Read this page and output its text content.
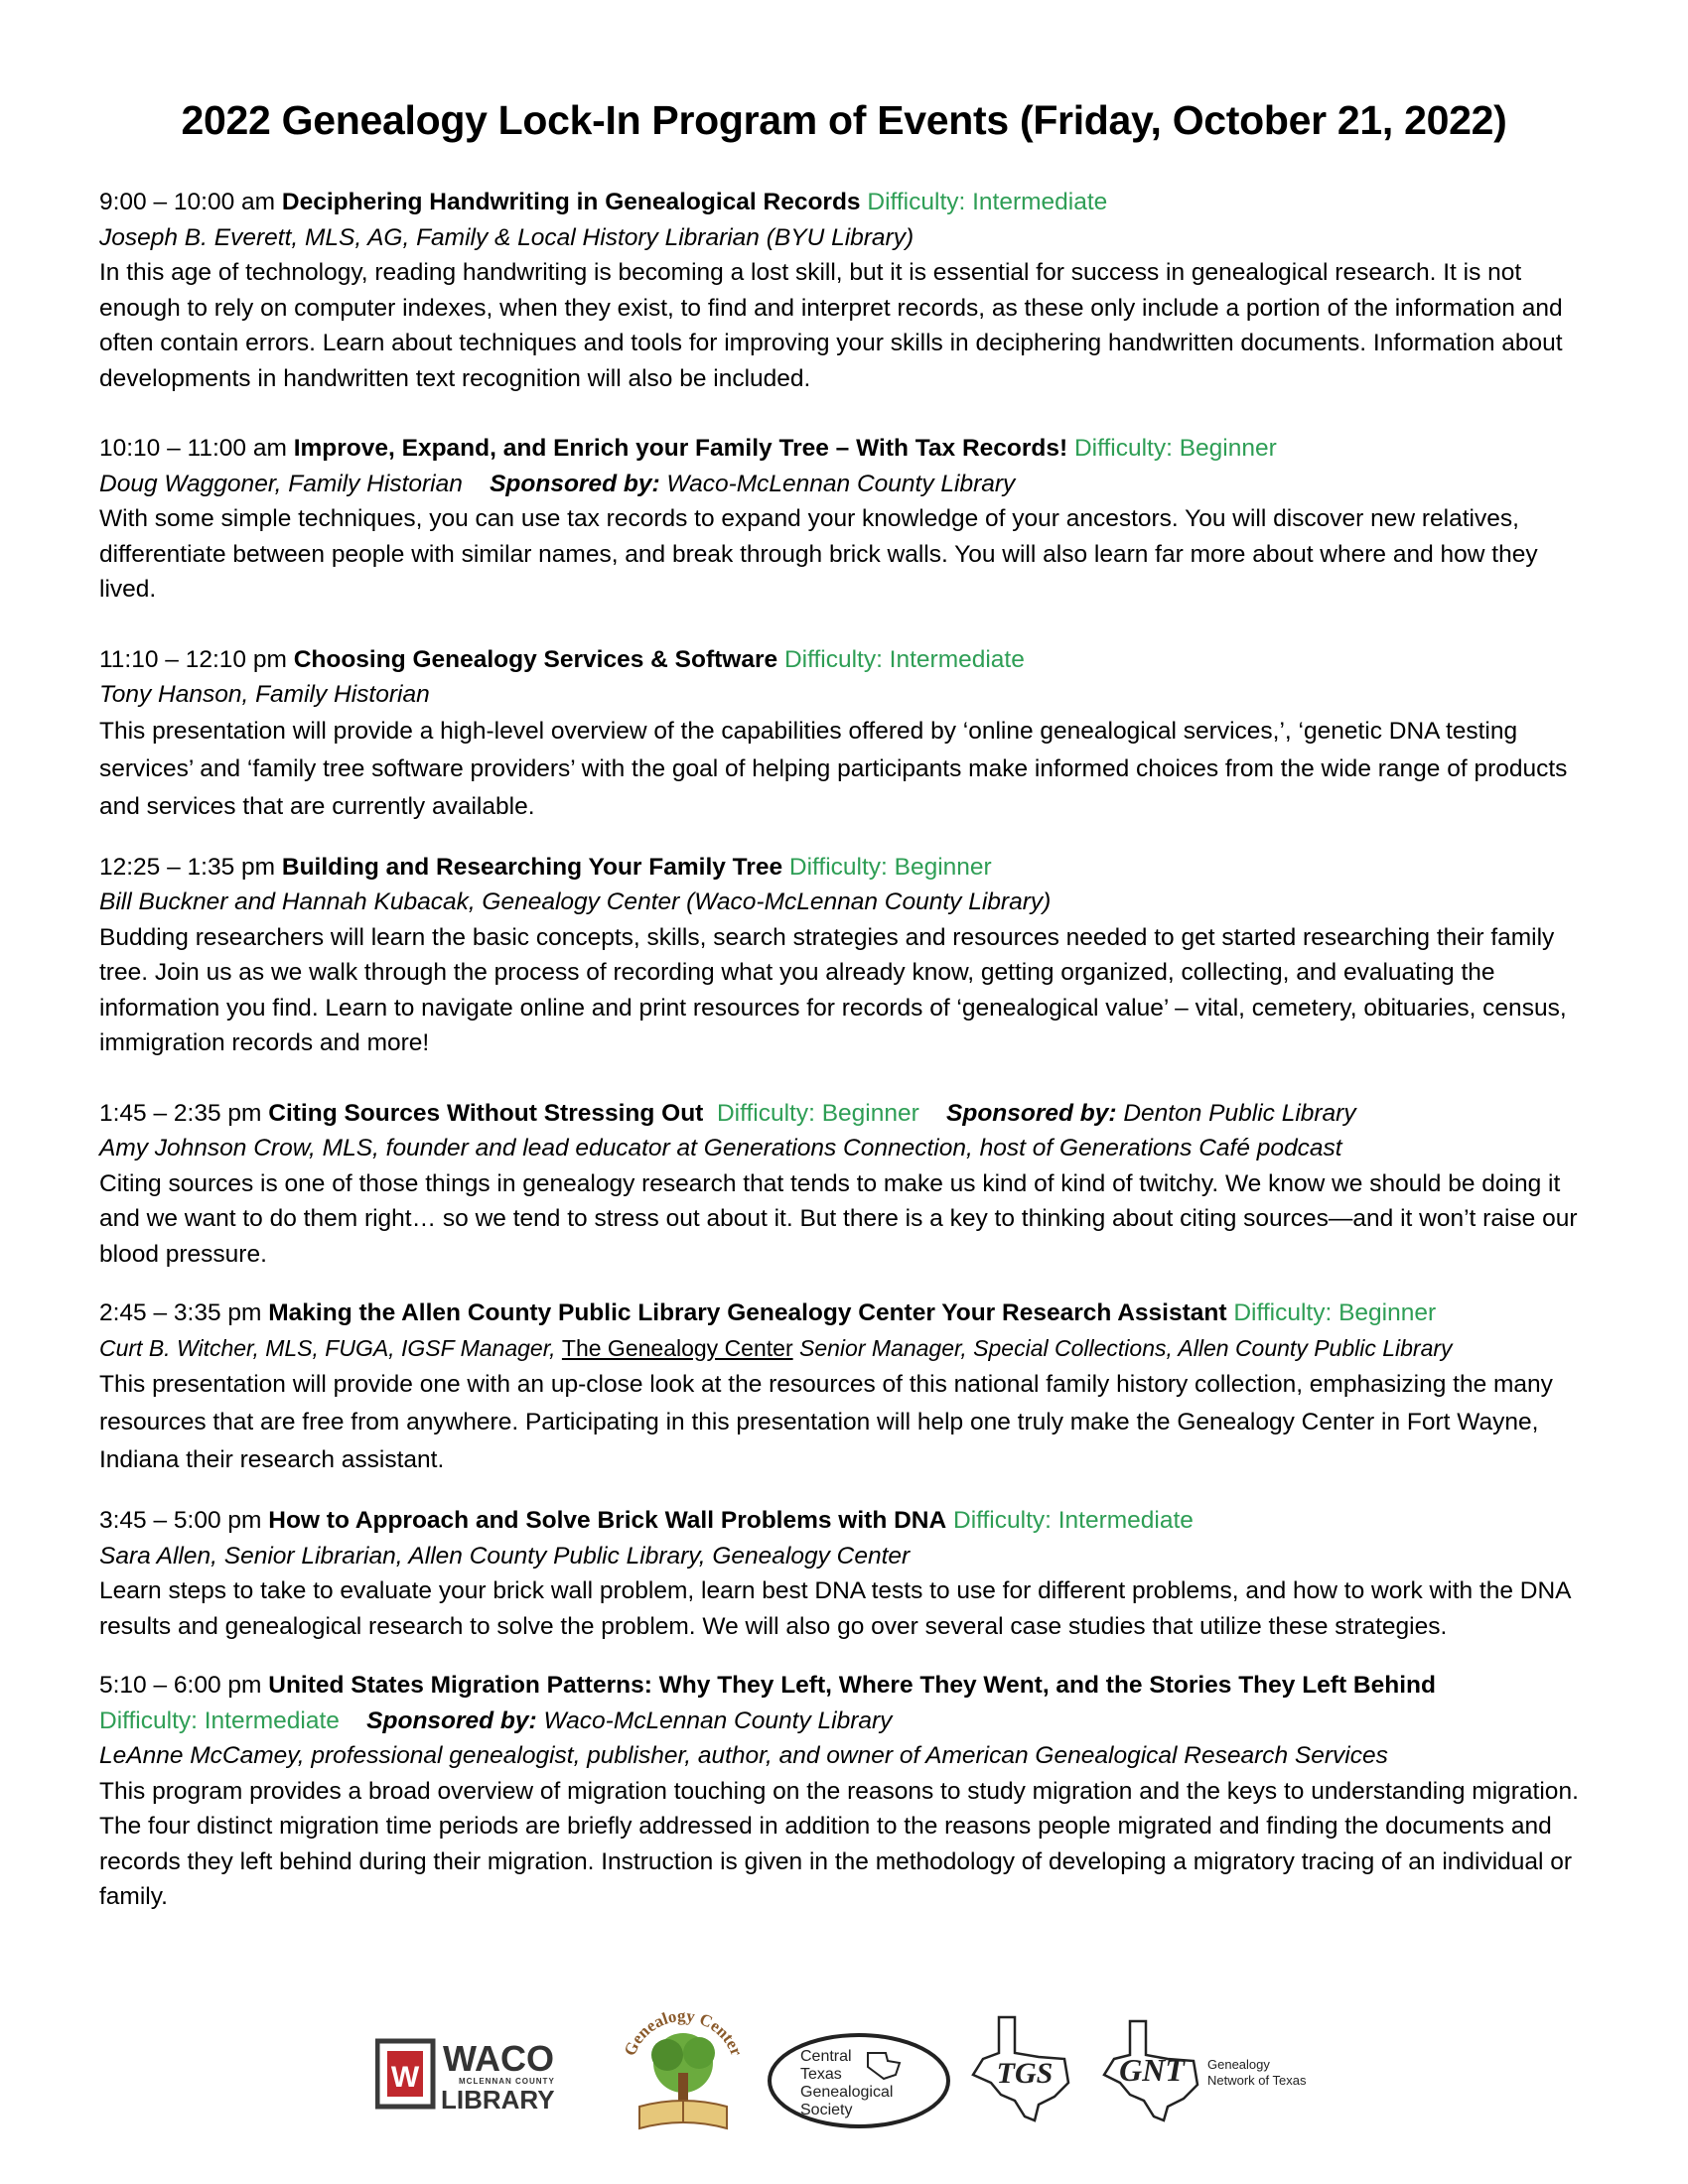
2022 Genealogy Lock-In Program of Events (Friday, October 21, 2022)

9:00 – 10:00 am Deciphering Handwriting in Genealogical Records Difficulty: Intermediate

Joseph B. Everett, MLS, AG, Family & Local History Librarian (BYU Library)

In this age of technology, reading handwriting is becoming a lost skill, but it is essential for success in genealogical research. It is not enough to rely on computer indexes, when they exist, to find and interpret records, as these only include a portion of the information and often contain errors. Learn about techniques and tools for improving your skills in deciphering handwritten documents. Information about developments in handwritten text recognition will also be included.

10:10 – 11:00 am Improve, Expand, and Enrich your Family Tree – With Tax Records! Difficulty: Beginner

Doug Waggoner, Family Historian Sponsored by: Waco-McLennan County Library

With some simple techniques, you can use tax records to expand your knowledge of your ancestors. You will discover new relatives, differentiate between people with similar names, and break through brick walls. You will also learn far more about where and how they lived.

11:10 – 12:10 pm Choosing Genealogy Services & Software Difficulty: Intermediate

Tony Hanson, Family Historian

This presentation will provide a high-level overview of the capabilities offered by ‘online genealogical services,’, ‘genetic DNA testing services’ and ‘family tree software providers’ with the goal of helping participants make informed choices from the wide range of products and services that are currently available.

12:25 – 1:35 pm Building and Researching Your Family Tree Difficulty: Beginner

Bill Buckner and Hannah Kubacak, Genealogy Center (Waco-McLennan County Library)

Budding researchers will learn the basic concepts, skills, search strategies and resources needed to get started researching their family tree. Join us as we walk through the process of recording what you already know, getting organized, collecting, and evaluating the information you find. Learn to navigate online and print resources for records of ‘genealogical value’ – vital, cemetery, obituaries, census, immigration records and more!

1:45 – 2:35 pm Citing Sources Without Stressing Out Difficulty: Beginner Sponsored by: Denton Public Library

Amy Johnson Crow, MLS, founder and lead educator at Generations Connection, host of Generations Café podcast

Citing sources is one of those things in genealogy research that tends to make us kind of kind of twitchy. We know we should be doing it and we want to do them right… so we tend to stress out about it. But there is a key to thinking about citing sources—and it won’t raise our blood pressure.

2:45 – 3:35 pm Making the Allen County Public Library Genealogy Center Your Research Assistant Difficulty: Beginner

Curt B. Witcher, MLS, FUGA, IGSF Manager, The Genealogy Center Senior Manager, Special Collections, Allen County Public Library

This presentation will provide one with an up-close look at the resources of this national family history collection, emphasizing the many resources that are free from anywhere. Participating in this presentation will help one truly make the Genealogy Center in Fort Wayne, Indiana their research assistant.

3:45 – 5:00 pm How to Approach and Solve Brick Wall Problems with DNA Difficulty: Intermediate

Sara Allen, Senior Librarian, Allen County Public Library, Genealogy Center

Learn steps to take to evaluate your brick wall problem, learn best DNA tests to use for different problems, and how to work with the DNA results and genealogical research to solve the problem. We will also go over several case studies that utilize these strategies.

5:10 – 6:00 pm United States Migration Patterns: Why They Left, Where They Went, and the Stories They Left Behind

Difficulty: Intermediate Sponsored by: Waco-McLennan County Library

LeAnne McCamey, professional genealogist, publisher, author, and owner of American Genealogical Research Services

This program provides a broad overview of migration touching on the reasons to study migration and the keys to understanding migration. The four distinct migration time periods are briefly addressed in addition to the reasons people migrated and finding the documents and records they left behind during their migration. Instruction is given in the methodology of developing a migratory tracing of an individual or family.

W WACO
MCLENNAN COUNTY
LIBRARY
Genealogy Center	Central
Texas
Genealogical
Society
TGS GNT Genealogy
Network of Texas
